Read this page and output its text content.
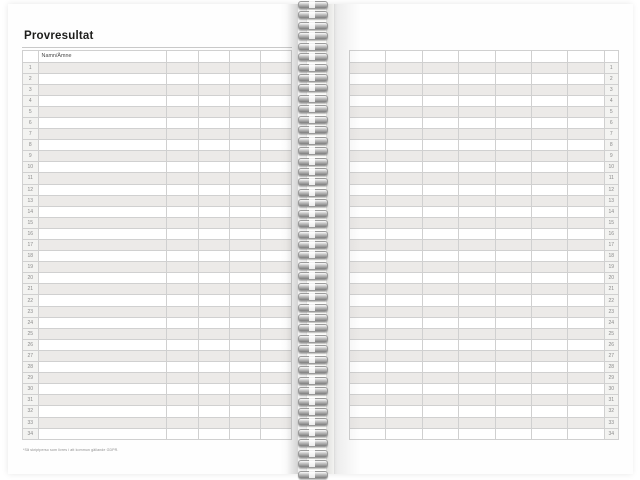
Provresultat
	Namn/Ämne				
1					
2					
3					
4					
5					
6					
7					
8					
9					
10					
11					
12					
13					
14					
15					
16					
17					
18					
19					
20					
21					
22					
23					
24					
25					
26					
27					
28					
29					
30					
31					
32					
33					
34					
*Så skriptperso som livres i att kommun gällande GDPR.

							1
							2
							3
							4
							5
							6
							7
							8
							9
							10
							11
							12
							13
							14
							15
							16
							17
							18
							19
							20
							21
							22
							23
							24
							25
							26
							27
							28
							29
							30
							31
							32
							33
							34
